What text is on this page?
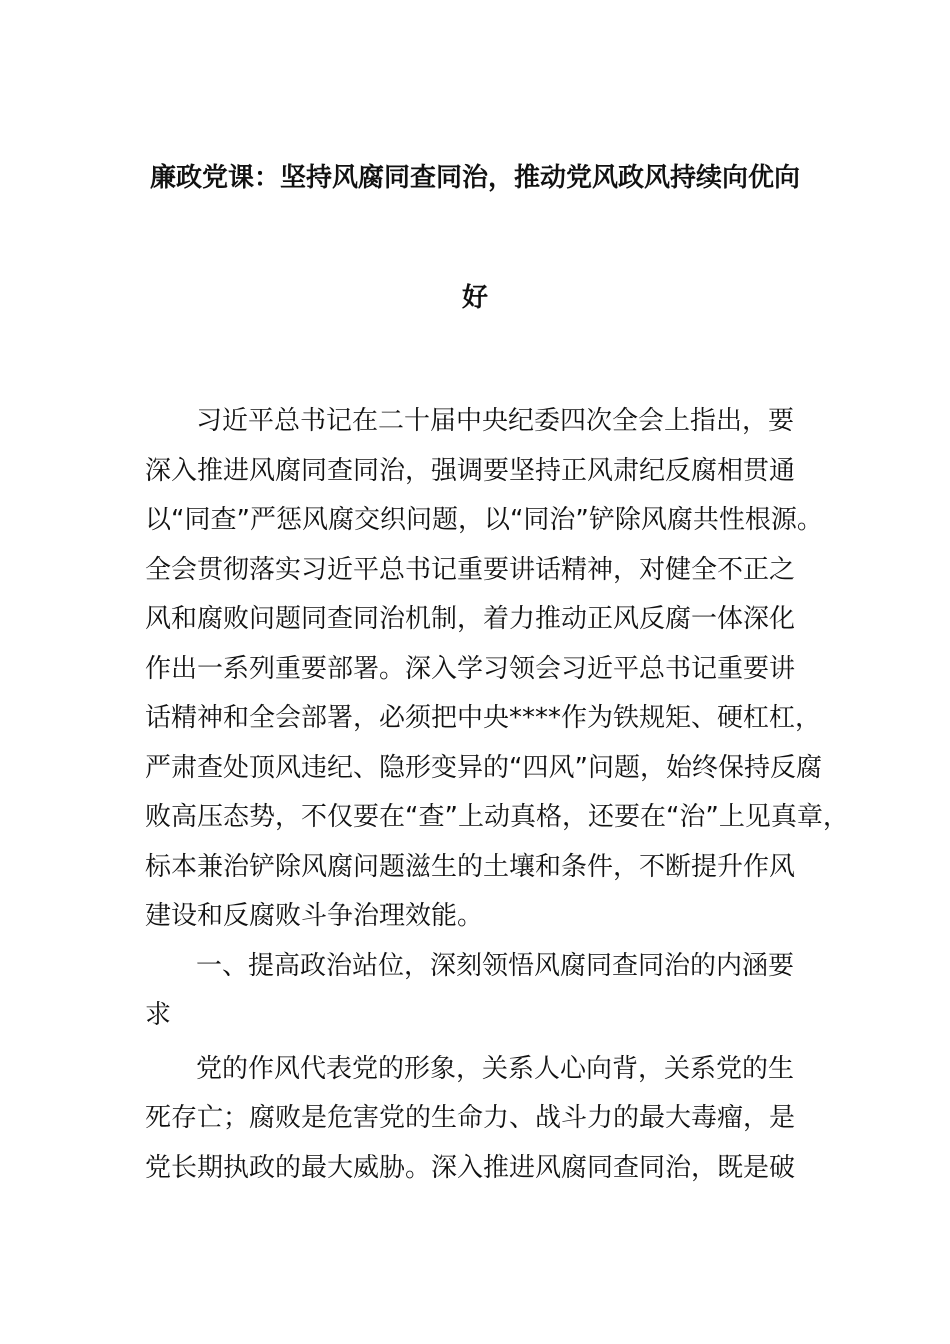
廉政党课：坚持风腐同查同治，推动党风政风持续向优向
好
习近平总书记在二十届中央纪委四次全会上指出，要
深入推进风腐同查同治，强调要坚持正风肃纪反腐相贯通
以“同查”严惩风腐交织问题，以“同治”铲除风腐共性根源。
全会贯彻落实习近平总书记重要讲话精神，对健全不正之
风和腐败问题同查同治机制，着力推动正风反腐一体深化
作出一系列重要部署。深入学习领会习近平总书记重要讲
话精神和全会部署，必须把中央****作为铁规矩、硬杠杠，
严肃查处顶风违纪、隐形变异的“四风”问题，始终保持反腐
败高压态势，不仅要在“查”上动真格，还要在“治”上见真章，
标本兼治铲除风腐问题滋生的土壤和条件，不断提升作风
建设和反腐败斗争治理效能。
一、提高政治站位，深刻领悟风腐同查同治的内涵要
求
党的作风代表党的形象，关系人心向背，关系党的生
死存亡；腐败是危害党的生命力、战斗力的最大毒瘤，是
党长期执政的最大威胁。深入推进风腐同查同治，既是破
